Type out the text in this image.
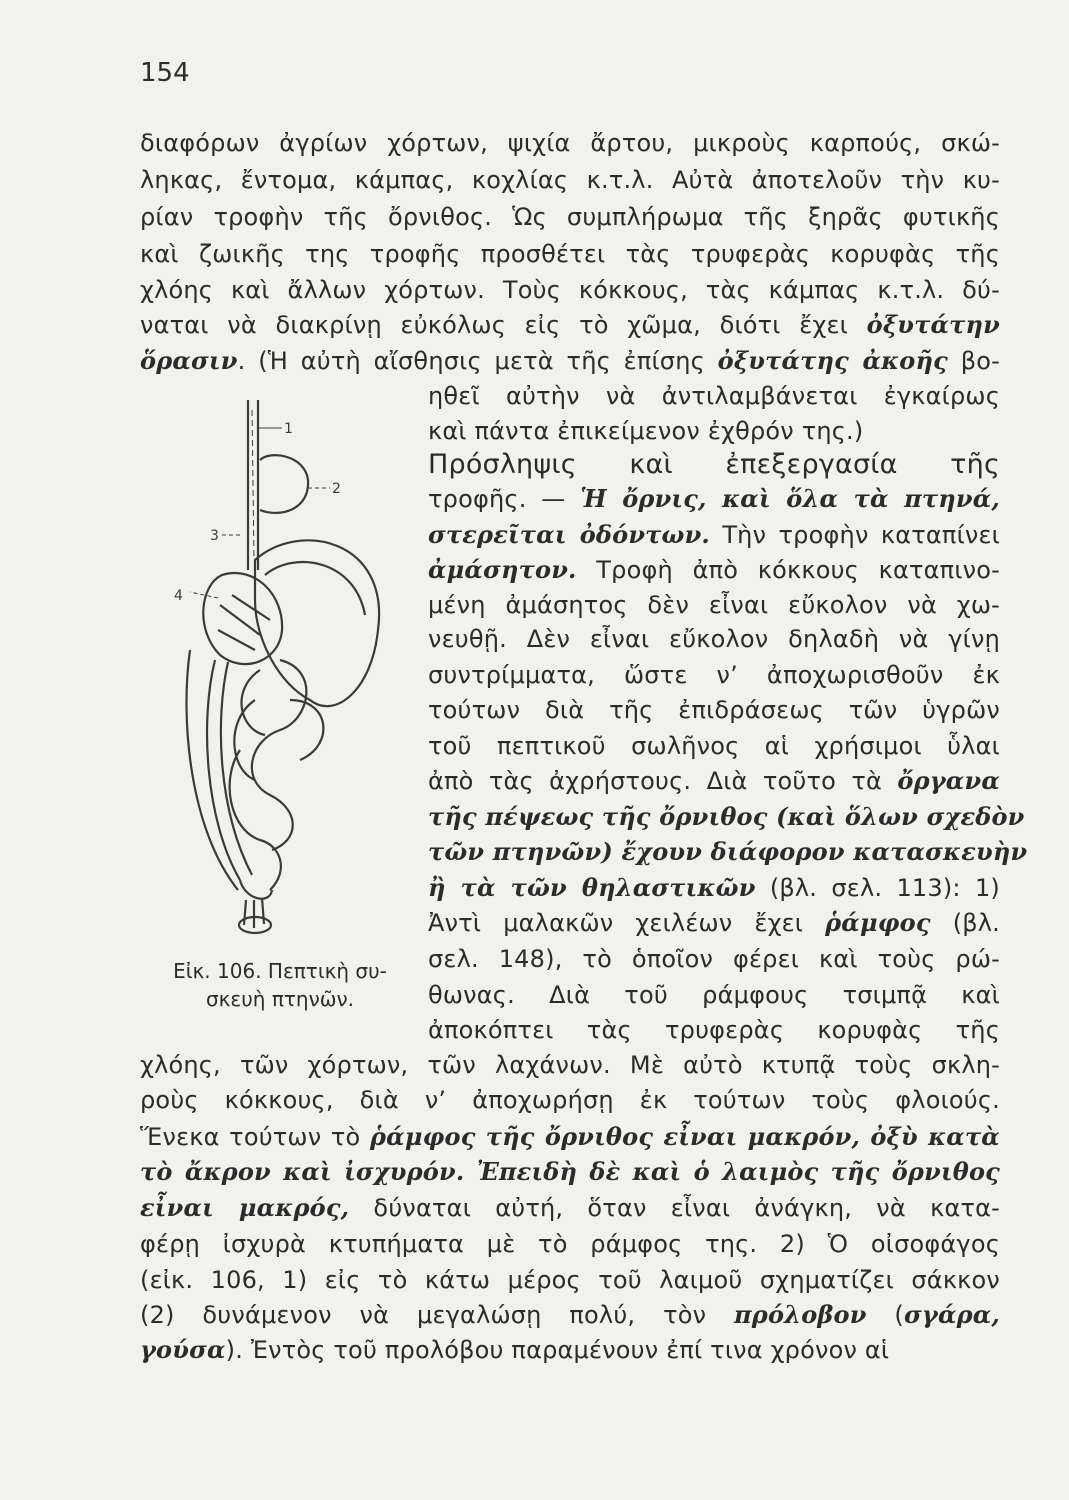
154
διαφόρων ἀγρίων χόρτων, ψιχία ἄρτου, μικροὺς καρπούς, σκώ-
ληκας, ἔντομα, κάμπας, κοχλίας κ.τ.λ. Αὐτὰ ἀποτελοῦν τὴν κυ-
ρίαν τροφὴν τῆς ὄρνιθος. Ὡς συμπλήρωμα τῆς ξηρᾶς φυτικῆς
καὶ ζωικῆς της τροφῆς προσθέτει τὰς τρυφερὰς κορυφὰς τῆς
χλόης καὶ ἄλλων χόρτων. Τοὺς κόκκους, τὰς κάμπας κ.τ.λ. δύ-
ναται νὰ διακρίνῃ εὐκόλως εἰς τὸ χῶμα, διότι ἔχει ὀξυτάτην
ὅρασιν. (Ἡ αὐτὴ αἴσθησις μετὰ τῆς ἐπίσης ὀξυτάτης ἀκοῆς βο-
ηθεῖ αὐτὴν νὰ ἀντιλαμβάνεται ἐγκαίρως
καὶ πάντα ἐπικείμενον ἐχθρόν της.)
Πρόσληψις καὶ ἐπεξεργασία τῆς
τροφῆς. — Ἡ ὄρνις, καὶ ὅλα τὰ πτηνά,
στερεῖται ὀδόντων. Τὴν τροφὴν καταπίνει
ἀμάσητον. Τροφὴ ἀπὸ κόκκους καταπινο-
μένη ἀμάσητος δὲν εἶναι εὔκολον νὰ χω-
νευθῇ. Δὲν εἶναι εὔκολον δηλαδὴ νὰ γίνῃ
συντρίμματα, ὥστε ν’ ἀποχωρισθοῦν ἐκ
τούτων διὰ τῆς ἐπιδράσεως τῶν ὑγρῶν
τοῦ πεπτικοῦ σωλῆνος αἱ χρήσιμοι ὗλαι
ἀπὸ τὰς ἀχρήστους. Διὰ τοῦτο τὰ ὄργανα
τῆς πέψεως τῆς ὄρνιθος (καὶ ὅλων σχεδὸν
τῶν πτηνῶν) ἔχουν διάφορον κατασκευὴν
ἢ τὰ τῶν θηλαστικῶν (βλ. σελ. 113): 1)
Ἀντὶ μαλακῶν χειλέων ἔχει ῥάμφος (βλ.
σελ. 148), τὸ ὁποῖον φέρει καὶ τοὺς ρώ-
θωνας. Διὰ τοῦ ράμφους τσιμπᾷ καὶ
ἀποκόπτει τὰς τρυφερὰς κορυφὰς τῆς
χλόης, τῶν χόρτων, τῶν λαχάνων. Μὲ αὐτὸ κτυπᾷ τοὺς σκλη-
ροὺς κόκκους, διὰ ν’ ἀποχωρήσῃ ἐκ τούτων τοὺς φλοιούς.
Ἕνεκα τούτων τὸ ῥάμφος τῆς ὄρνιθος εἶναι μακρόν, ὀξὺ κατὰ
τὸ ἄκρον καὶ ἰσχυρόν. Ἐπειδὴ δὲ καὶ ὁ λαιμὸς τῆς ὄρνιθος
εἶναι μακρός, δύναται αὐτή, ὅταν εἶναι ἀνάγκη, νὰ κατα-
φέρῃ ἰσχυρὰ κτυπήματα μὲ τὸ ράμφος της. 2) Ὁ οἰσοφάγος
(εἰκ. 106, 1) εἰς τὸ κάτω μέρος τοῦ λαιμοῦ σχηματίζει σάκκον
(2) δυνάμενον νὰ μεγαλώσῃ πολύ, τὸν πρόλοβον (σγάρα,
γούσα). Ἐντὸς τοῦ προλόβου παραμένουν ἐπί τινα χρόνον αἱ
1
2
3
4
Εἰκ. 106. Πεπτικὴ συ-
σκευὴ πτηνῶν.
